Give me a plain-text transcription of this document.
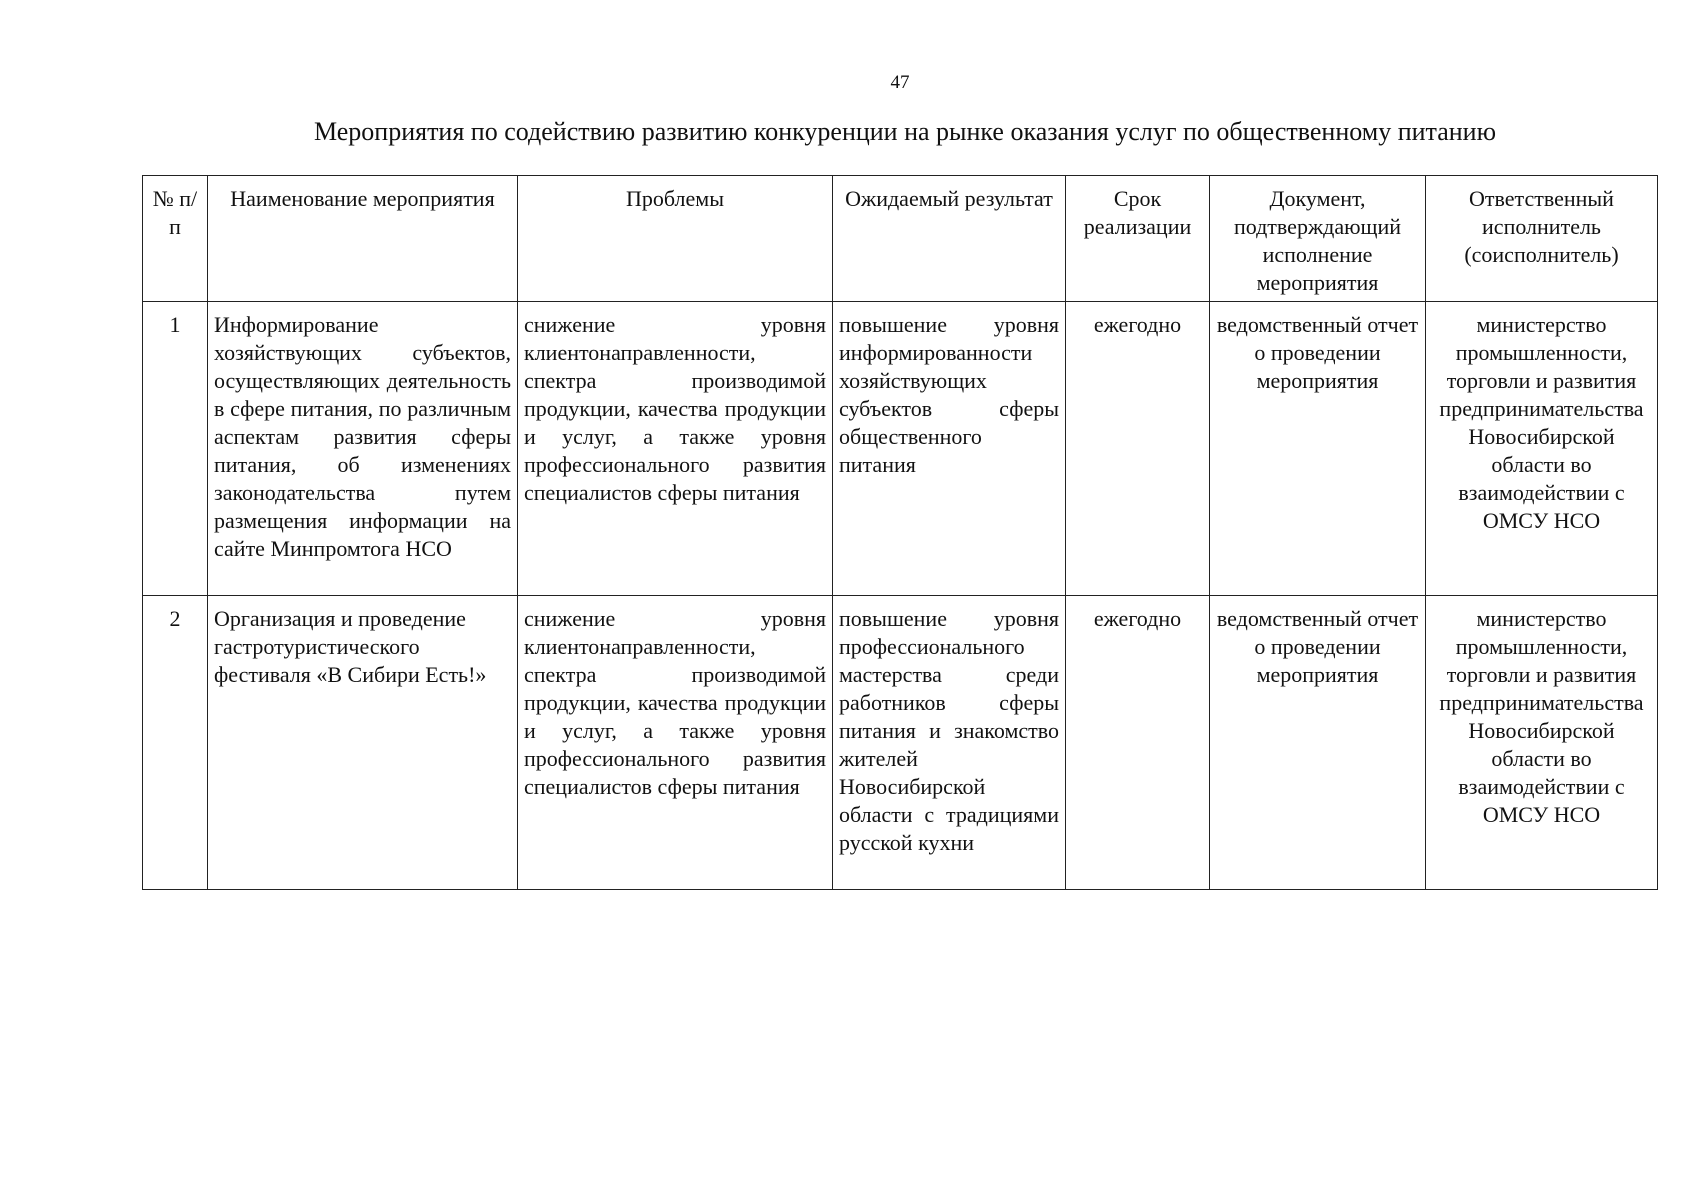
47
Мероприятия по содействию развитию конкуренции на рынке оказания услуг по общественному питанию
№ п/п	Наименование мероприятия	Проблемы	Ожидаемый результат	Срок реализации	Документ, подтверждающий исполнение мероприятия	Ответственный исполнитель (соисполнитель)
1	Информирование хозяйствующих субъектов, осуществляющих деятельность в сфере питания, по различным аспектам развития сферы питания, об изменениях законодательства путем размещения информации на сайте Минпромтога НСО	снижение уровня клиентонаправленности, спектра производимой продукции, качества продукции и услуг, а также уровня профессионального развития специалистов сферы питания	повышение уровня информированности хозяйствующих субъектов сферы общественного питания	ежегодно	ведомственный отчет о проведении мероприятия	министерство промышленности, торговли и развития предпринимательства Новосибирской области во взаимодействии с ОМСУ НСО
2	Организация и проведение гастротуристического фестиваля «В Сибири Есть!»	снижение уровня клиентонаправленности, спектра производимой продукции, качества продукции и услуг, а также уровня профессионального развития специалистов сферы питания	повышение уровня профессионального мастерства среди работников сферы питания и знакомство жителей Новосибирской области с традициями русской кухни	ежегодно	ведомственный отчет о проведении мероприятия	министерство промышленности, торговли и развития предпринимательства Новосибирской области во взаимодействии с ОМСУ НСО
